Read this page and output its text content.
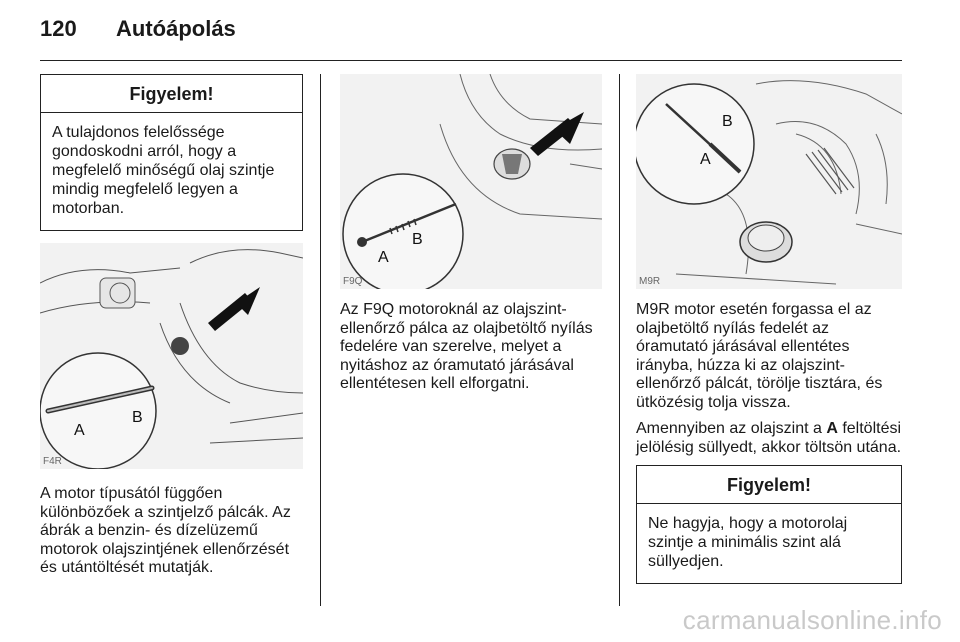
120	Autóápolás
Figyelem!
A tulajdonos felelőssége gondoskodni arról, hogy a megfelelő minőségű olaj szintje mindig megfelelő legyen a motorban.
A
B
F4R

A motor típusától függően különbözőek a szintjelző pálcák. Az ábrák a benzin- és dízelüzemű motorok olajszintjének ellenőrzését és utántöltését mutatják.

A
B
F9Q

Az F9Q motoroknál az olajszint-ellenőrző pálca az olajbetöltő nyílás fedelére van szerelve, melyet a nyitáshoz az óramutató járásával ellentétesen kell elforgatni.

A
B
M9R

M9R motor esetén forgassa el az olajbetöltő nyílás fedelét az óramutató járásával ellentétes irányba, húzza ki az olajszint-ellenőrző pálcát, törölje tisztára, és ütközésig tolja vissza.

Amennyiben az olajszint a A feltöltési jelölésig süllyedt, akkor töltsön utána.

Figyelem!
Ne hagyja, hogy a motorolaj szintje a minimális szint alá süllyedjen.
carmanualsonline.info
